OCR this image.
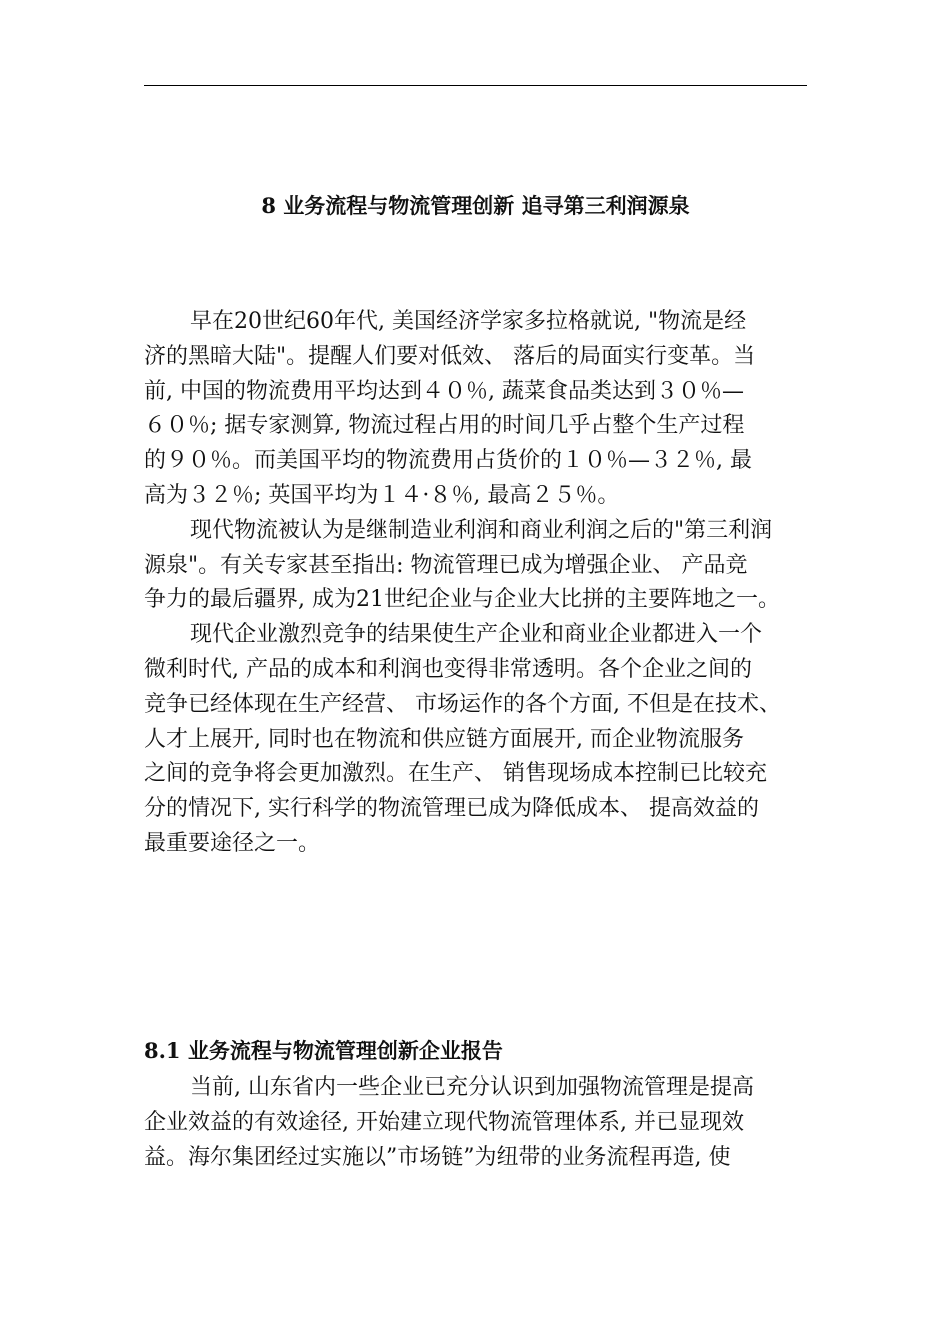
8 业务流程与物流管理创新 追寻第三利润源泉

早在20世纪60年代, 美国经济学家多拉格就说, "物流是经
济的黑暗大陆"。提醒人们要对低效、 落后的局面实行变革。当
前, 中国的物流费用平均达到４０％, 蔬菜食品类达到３０％—
６０％; 据专家测算, 物流过程占用的时间几乎占整个生产过程
的９０％。而美国平均的物流费用占货价的１０％—３２％, 最
高为３２％; 英国平均为１４·８％, 最高２５％。

现代物流被认为是继制造业利润和商业利润之后的"第三利润
源泉"。有关专家甚至指出: 物流管理已成为增强企业、 产品竞
争力的最后疆界, 成为21世纪企业与企业大比拼的主要阵地之一。

现代企业激烈竞争的结果使生产企业和商业企业都进入一个
微利时代, 产品的成本和利润也变得非常透明。各个企业之间的
竞争已经体现在生产经营、 市场运作的各个方面, 不但是在技术、
人才上展开, 同时也在物流和供应链方面展开, 而企业物流服务
之间的竞争将会更加激烈。在生产、 销售现场成本控制已比较充
分的情况下, 实行科学的物流管理已成为降低成本、 提高效益的
最重要途径之一。

8.1 业务流程与物流管理创新企业报告

当前, 山东省内一些企业已充分认识到加强物流管理是提高
企业效益的有效途径, 开始建立现代物流管理体系, 并已显现效
益。海尔集团经过实施以”市场链”为纽带的业务流程再造, 使
